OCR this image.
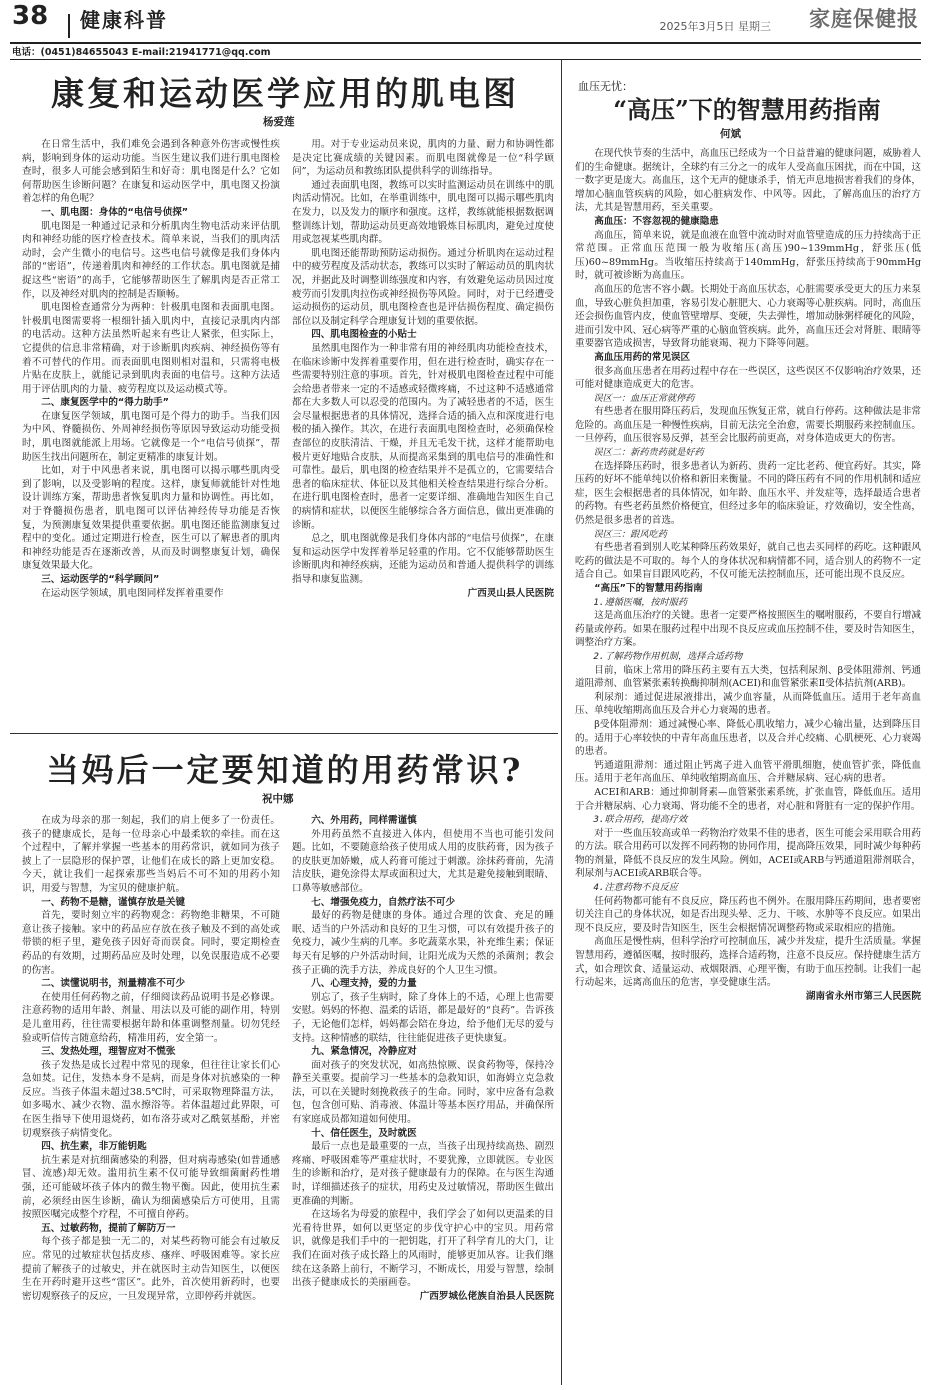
38 健康科普	2025年3月5日 星期三 家庭保健报
电话：(0451)84655043 E-mail:21941771@qq.com
康复和运动医学应用的肌电图
杨爱莲

在日常生活中，我们难免会遇到各种意外伤害或慢性疾病，影响到身体的运动功能。当医生建议我们进行肌电图检查时，很多人可能会感到陌生和好奇：肌电图是什么？它如何帮助医生诊断问题？在康复和运动医学中，肌电图又扮演着怎样的角色呢？

一、肌电图：身体的“电信号侦探”

肌电图是一种通过记录和分析肌肉生物电活动来评估肌肉和神经功能的医疗检查技术。简单来说，当我们的肌肉活动时，会产生微小的电信号。这些电信号就像是我们身体内部的“密语”，传递着肌肉和神经的工作状态。肌电图就是捕捉这些“密语”的高手，它能够帮助医生了解肌肉是否正常工作，以及神经对肌肉的控制是否顺畅。

肌电图检查通常分为两种：针极肌电图和表面肌电图。针极肌电图需要将一根细针插入肌肉中，直接记录肌肉内部的电活动。这种方法虽然听起来有些让人紧张，但实际上，它提供的信息非常精确，对于诊断肌肉疾病、神经损伤等有着不可替代的作用。而表面肌电图则相对温和，只需将电极片贴在皮肤上，就能记录到肌肉表面的电信号。这种方法适用于评估肌肉的力量、疲劳程度以及运动模式等。

二、康复医学中的“得力助手”

在康复医学领域，肌电图可是个得力的助手。当我们因为中风、脊髓损伤、外周神经损伤等原因导致运动功能受损时，肌电图就能派上用场。它就像是一个“电信号侦探”，帮助医生找出问题所在，制定更精准的康复计划。

比如，对于中风患者来说，肌电图可以揭示哪些肌肉受到了影响，以及受影响的程度。这样，康复师就能针对性地设计训练方案，帮助患者恢复肌肉力量和协调性。再比如，对于脊髓损伤患者，肌电图可以评估神经传导功能是否恢复，为预测康复效果提供重要依据。肌电图还能监测康复过程中的变化。通过定期进行检查，医生可以了解患者的肌肉和神经功能是否在逐渐改善，从而及时调整康复计划，确保康复效果最大化。

三、运动医学的“科学顾问”

在运动医学领域，肌电图同样发挥着重要作

用。对于专业运动员来说，肌肉的力量、耐力和协调性都是决定比赛成绩的关键因素。而肌电图就像是一位“科学顾问”，为运动员和教练团队提供科学的训练指导。

通过表面肌电图，教练可以实时监测运动员在训练中的肌肉活动情况。比如，在举重训练中，肌电图可以揭示哪些肌肉在发力，以及发力的顺序和强度。这样，教练就能根据数据调整训练计划，帮助运动员更高效地锻炼目标肌肉，避免过度使用或忽视某些肌肉群。

肌电图还能帮助预防运动损伤。通过分析肌肉在运动过程中的疲劳程度及活动状态，教练可以实时了解运动员的肌肉状况，并据此及时调整训练强度和内容，有效避免运动员因过度疲劳而引发肌肉拉伤或神经损伤等风险。同时，对于已经遭受运动损伤的运动员，肌电图检查也是评估损伤程度、确定损伤部位以及制定科学合理康复计划的重要依据。

四、肌电图检查的小贴士

虽然肌电图作为一种非常有用的神经肌肉功能检查技术，在临床诊断中发挥着重要作用，但在进行检查时，确实存在一些需要特别注意的事项。首先，针对极肌电图检查过程中可能会给患者带来一定的不适感或轻微疼痛，不过这种不适感通常都在大多数人可以忍受的范围内。为了减轻患者的不适，医生会尽量根据患者的具体情况，选择合适的插入点和深度进行电极的插入操作。其次，在进行表面肌电图检查时，必须确保检查部位的皮肤清洁、干燥，并且无毛发干扰，这样才能帮助电极片更好地贴合皮肤，从而提高采集到的肌电信号的准确性和可靠性。最后，肌电图的检查结果并不是孤立的，它需要结合患者的临床症状、体征以及其他相关检查结果进行综合分析。在进行肌电图检查时，患者一定要详细、准确地告知医生自己的病情和症状，以便医生能够综合各方面信息，做出更准确的诊断。

总之，肌电图就像是我们身体内部的“电信号侦探”，在康复和运动医学中发挥着举足轻重的作用。它不仅能够帮助医生诊断肌肉和神经疾病，还能为运动员和普通人提供科学的训练指导和康复监测。

广西灵山县人民医院

当妈后一定要知道的用药常识?
祝中娜

在成为母亲的那一刻起，我们的肩上便多了一份责任。孩子的健康成长，是每一位母亲心中最柔软的牵挂。而在这个过程中，了解并掌握一些基本的用药常识，就如同为孩子披上了一层隐形的保护罩，让他们在成长的路上更加安稳。今天，就让我们一起探索那些当妈后不可不知的用药小知识，用爱与智慧，为宝贝的健康护航。

一、药物不是糖，谨慎存放是关键

首先，要时刻立牢的药物观念：药物绝非糖果，不可随意让孩子接触。家中的药品应存放在孩子触及不到的高处或带锁的柜子里，避免孩子因好奇而误食。同时，要定期检查药品的有效期，过期药品应及时处理，以免误服造成不必要的伤害。

二、读懂说明书，剂量精准不可少

在使用任何药物之前，仔细阅读药品说明书是必修课。注意药物的适用年龄、剂量、用法以及可能的副作用，特别是儿童用药，往往需要根据年龄和体重调整剂量。切勿凭经验或听信传言随意给药，精准用药，安全第一。

三、发热处理，理智应对不慌张

孩子发热是成长过程中常见的现象，但往往让家长们心急如焚。记住，发热本身不是病，而是身体对抗感染的一种反应。当孩子体温未超过38.5℃时，可采取物理降温方法，如多喝水、减少衣物、温水擦浴等。若体温超过此界限，可在医生指导下使用退烧药，如布洛芬或对乙酰氨基酚，并密切观察孩子病情变化。

四、抗生素，非万能钥匙

抗生素是对抗细菌感染的利器，但对病毒感染(如普通感冒、流感)却无效。滥用抗生素不仅可能导致细菌耐药性增强，还可能破坏孩子体内的微生物平衡。因此，使用抗生素前，必须经由医生诊断，确认为细菌感染后方可使用，且需按照医嘱完成整个疗程，不可擅自停药。

五、过敏药物，提前了解防万一

每个孩子都是独一无二的，对某些药物可能会有过敏反应。常见的过敏症状包括皮疹、瘙痒、呼吸困难等。家长应提前了解孩子的过敏史，并在就医时主动告知医生，以便医生在开药时避开这些“雷区”。此外，首次使用新药时，也要密切观察孩子的反应，一旦发现异常，立即停药并就医。

六、外用药，同样需谨慎

外用药虽然不直接进入体内，但使用不当也可能引发问题。比如，不要随意给孩子使用成人用的皮肤药膏，因为孩子的皮肤更加娇嫩，成人药膏可能过于刺激。涂抹药膏前，先清洁皮肤，避免涂得太厚或面积过大，尤其是避免接触到眼睛、口鼻等敏感部位。

七、增强免疫力，自然疗法不可少

最好的药物是健康的身体。通过合理的饮食、充足的睡眠、适当的户外活动和良好的卫生习惯，可以有效提升孩子的免疫力，减少生病的几率。多吃蔬菜水果，补充维生素；保证每天有足够的户外活动时间，让阳光成为天然的杀菌剂；教会孩子正确的洗手方法，养成良好的个人卫生习惯。

八、心理支持，爱的力量

别忘了，孩子生病时，除了身体上的不适，心理上也需要安慰。妈妈的怀抱、温柔的话语，都是最好的“良药”。告诉孩子，无论他们怎样，妈妈都会陪在身边，给予他们无尽的爱与支持。这种情感的联结，往往能促进孩子更快康复。

九、紧急情况，冷静应对

面对孩子的突发状况，如高热惊厥、误食药物等，保持冷静至关重要。提前学习一些基本的急救知识，如海姆立克急救法，可以在关键时刻挽救孩子的生命。同时，家中应备有急救包，包含创可贴、消毒液、体温计等基本医疗用品，并确保所有家庭成员都知道如何使用。

十、信任医生，及时就医

最后一点也是最重要的一点，当孩子出现持续高热、剧烈疼痛、呼吸困难等严重症状时，不要犹豫，立即就医。专业医生的诊断和治疗，是对孩子健康最有力的保障。在与医生沟通时，详细描述孩子的症状，用药史及过敏情况，帮助医生做出更准确的判断。

在这场名为母爱的旅程中，我们学会了如何以更温柔的目光看待世界，如何以更坚定的步伐守护心中的宝贝。用药常识，就像是我们手中的一把钥匙，打开了科学育儿的大门，让我们在面对孩子成长路上的风雨时，能够更加从容。让我们继续在这条路上前行，不断学习，不断成长，用爱与智慧，绘制出孩子健康成长的美丽画卷。

广西罗城仫佬族自治县人民医院

血压无忧：
“高压”下的智慧用药指南
何斌

在现代快节奏的生活中，高血压已经成为一个日益普遍的健康问题，威胁着人们的生命健康。据统计，全球约有三分之一的成年人受高血压困扰，而在中国，这一数字更是庞大。高血压，这个无声的健康杀手，悄无声息地损害着我们的身体，增加心脑血管疾病的风险，如心脏病发作、中风等。因此，了解高血压的治疗方法，尤其是智慧用药，至关重要。

高血压：不容忽视的健康隐患

高血压，简单来说，就是血液在血管中流动时对血管壁造成的压力持续高于正常范围。正常血压范围一般为收缩压(高压)90~139mmHg，舒张压(低压)60~89mmHg。当收缩压持续高于140mmHg，舒张压持续高于90mmHg时，就可被诊断为高血压。

高血压的危害不容小觑。长期处于高血压状态，心脏需要承受更大的压力来泵血，导致心脏负担加重，容易引发心脏肥大、心力衰竭等心脏疾病。同时，高血压还会损伤血管内皮，使血管壁增厚、变硬，失去弹性，增加动脉粥样硬化的风险，进而引发中风、冠心病等严重的心脑血管疾病。此外，高血压还会对肾脏、眼睛等重要器官造成损害，导致肾功能衰竭、视力下降等问题。

高血压用药的常见误区

很多高血压患者在用药过程中存在一些误区，这些误区不仅影响治疗效果，还可能对健康造成更大的危害。

误区一：血压正常就停药

有些患者在服用降压药后，发现血压恢复正常，就自行停药。这种做法是非常危险的。高血压是一种慢性疾病，目前无法完全治愈，需要长期服药来控制血压。一旦停药，血压很容易反弹，甚至会比服药前更高，对身体造成更大的伤害。

误区二：新药贵药就是好药

在选择降压药时，很多患者认为新药、贵药一定比老药、便宜药好。其实，降压药的好坏不能单纯以价格和新旧来衡量。不同的降压药有不同的作用机制和适应症，医生会根据患者的具体情况，如年龄、血压水平、并发症等，选择最适合患者的药物。有些老药虽然价格便宜，但经过多年的临床验证，疗效确切，安全性高，仍然是很多患者的首选。

误区三：跟风吃药

有些患者看到别人吃某种降压药效果好，就自己也去买同样的药吃。这种跟风吃药的做法是不可取的。每个人的身体状况和病情都不同，适合别人的药物不一定适合自己。如果盲目跟风吃药，不仅可能无法控制血压，还可能出现不良反应。

“高压”下的智慧用药指南
1.遵循医嘱，按时服药

这是高血压治疗的关键。患者一定要严格按照医生的嘱咐服药，不要自行增减药量或停药。如果在服药过程中出现不良反应或血压控制不佳，要及时告知医生，调整治疗方案。

2.了解药物作用机制，选择合适药物

目前，临床上常用的降压药主要有五大类，包括利尿剂、β受体阻滞剂、钙通道阻滞剂、血管紧张素转换酶抑制剂(ACEI)和血管紧张素Ⅱ受体拮抗剂(ARB)。

利尿剂：通过促进尿液排出，减少血容量，从而降低血压。适用于老年高血压、单纯收缩期高血压及合并心力衰竭的患者。

β受体阻滞剂：通过减慢心率、降低心肌收缩力，减少心输出量，达到降压目的。适用于心率较快的中青年高血压患者，以及合并心绞痛、心肌梗死、心力衰竭的患者。

钙通道阻滞剂：通过阻止钙离子进入血管平滑肌细胞，使血管扩张，降低血压。适用于老年高血压、单纯收缩期高血压、合并糖尿病、冠心病的患者。

ACEI和ARB：通过抑制肾素—血管紧张素系统，扩张血管，降低血压。适用于合并糖尿病、心力衰竭、肾功能不全的患者，对心脏和肾脏有一定的保护作用。

3.联合用药，提高疗效

对于一些血压较高或单一药物治疗效果不佳的患者，医生可能会采用联合用药的方法。联合用药可以发挥不同药物的协同作用，提高降压效果，同时减少每种药物的剂量，降低不良反应的发生风险。例如，ACEI或ARB与钙通道阻滞剂联合，利尿剂与ACEI或ARB联合等。

4.注意药物不良反应

任何药物都可能有不良反应，降压药也不例外。在服用降压药期间，患者要密切关注自己的身体状况，如是否出现头晕、乏力、干咳、水肿等不良反应。如果出现不良反应，要及时告知医生，医生会根据情况调整药物或采取相应的措施。

高血压是慢性病，但科学治疗可控制血压，减少并发症，提升生活质量。掌握智慧用药，遵循医嘱，按时服药，选择合适药物，注意不良反应。保持健康生活方式，如合理饮食、适量运动、戒烟限酒、心理平衡，有助于血压控制。让我们一起行动起来，远离高血压的危害，享受健康生活。

湖南省永州市第三人民医院
